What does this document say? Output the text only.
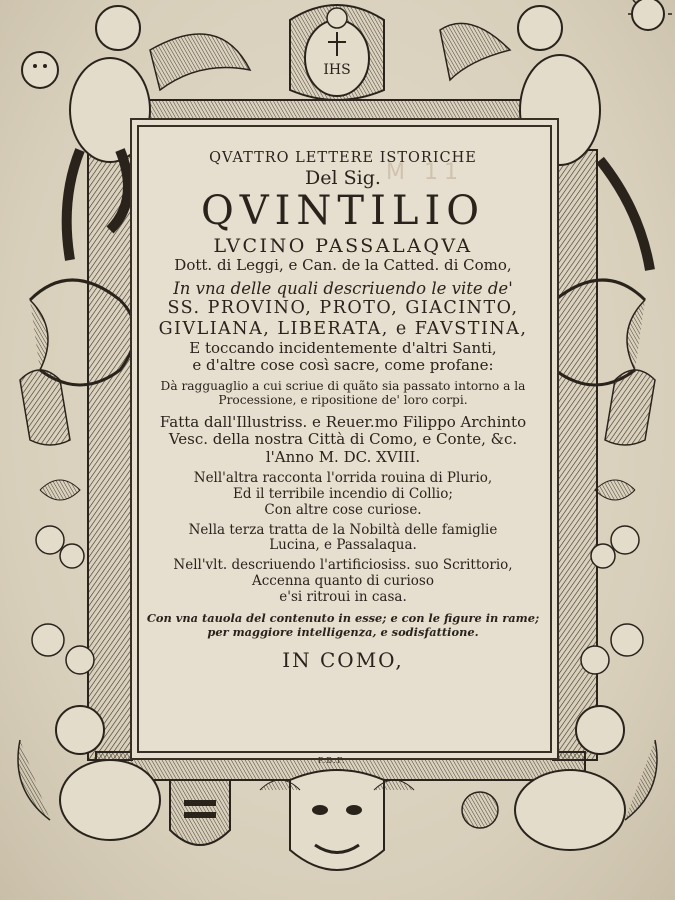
IHS
M 11
QVATTRO LETTERE ISTORICHE
Del Sig.
QVINTILIO
LVCINO PASSALAQVA
Dott. di Leggi, e Can. de la Catted. di Como,
In vna delle quali descriuendo le vite de'
SS. PROVINO, PROTO, GIACINTO,
GIVLIANA, LIBERATA, e FAVSTINA,
E toccando incidentemente d'altri Santi,
e d'altre cose così sacre, come profane:
Dà ragguaglio a cui scriue di quãto sia passato intorno a la
Processione, e ripositione de' loro corpi.
Fatta dall'Illustriss. e Reuer.mo Filippo Archinto
Vesc. della nostra Città di Como, e Conte, &c.
l'Anno M. DC. XVIII.
Nell'altra racconta l'orrida rouina di Plurio,
Ed il terribile incendio di Collio;
Con altre cose curiose.
Nella terza tratta de la Nobiltà delle famiglie
Lucina, e Passalaqua.
Nell'vlt. descriuendo l'artificiosiss. suo Scrittorio,
Accenna quanto di curioso
e'si ritroui in casa.
Con vna tauola del contenuto in esse; e con le figure in rame;
per maggiore intelligenza, e sodisfattione.
IN COMO,
P.B.F.
